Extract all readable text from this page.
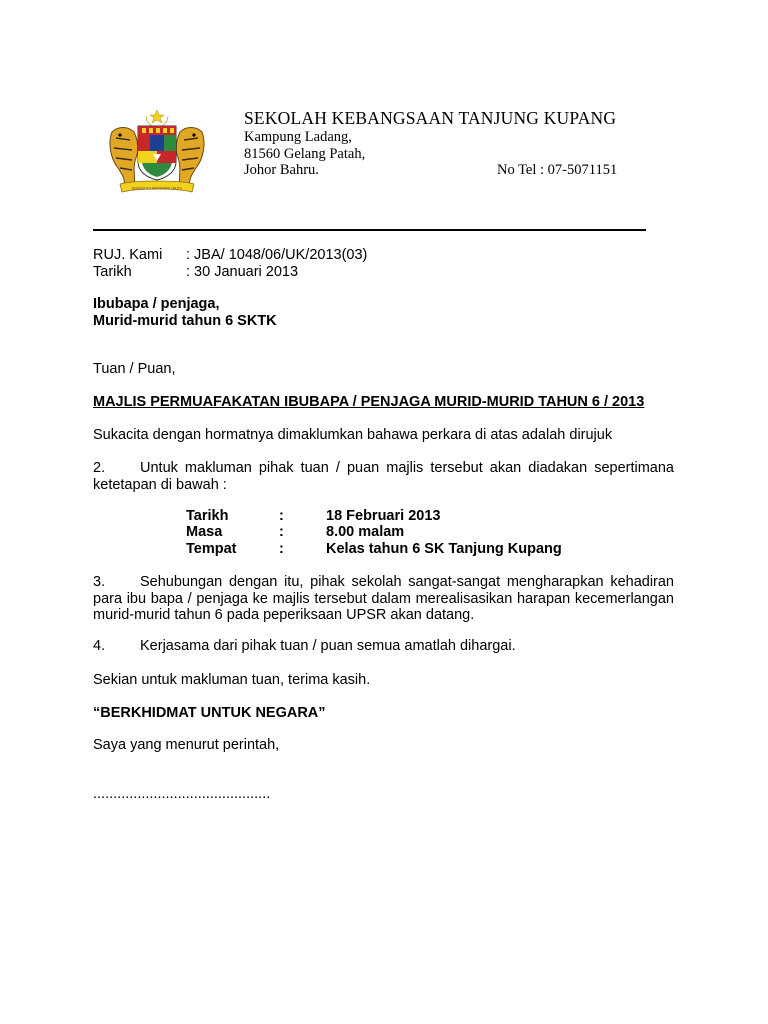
BERSEKUTU BERTAMBAH MUTU
SEKOLAH KEBANGSAAN TANJUNG KUPANG
Kampung Ladang,
81560 Gelang Patah,
Johor Bahru.	No Tel : 07-5071151
RUJ. Kami : JBA/ 1048/06/UK/2013(03)
Tarikh	: 30 Januari 2013
Ibubapa / penjaga,
Murid-murid tahun 6 SKTK
Tuan / Puan,
MAJLIS PERMUAFAKATAN IBUBAPA / PENJAGA MURID-MURID TAHUN 6 / 2013
Sukacita dengan hormatnya dimaklumkan bahawa perkara di atas adalah dirujuk
2. Untuk makluman pihak tuan / puan majlis tersebut akan diadakan sepertimana ketetapan di bawah :
Tarikh	:	18 Februari 2013
Masa	:	8.00 malam
Tempat	:	Kelas tahun 6 SK Tanjung Kupang
3. Sehubungan dengan itu, pihak sekolah sangat-sangat mengharapkan kehadiran para ibu bapa / penjaga ke majlis tersebut dalam merealisasikan harapan kecemerlangan murid-murid tahun 6 pada peperiksaan UPSR akan datang.
4. Kerjasama dari pihak tuan / puan semua amatlah dihargai.
Sekian untuk makluman tuan, terima kasih.
“BERKHIDMAT UNTUK NEGARA”
Saya yang menurut perintah,
............................................
